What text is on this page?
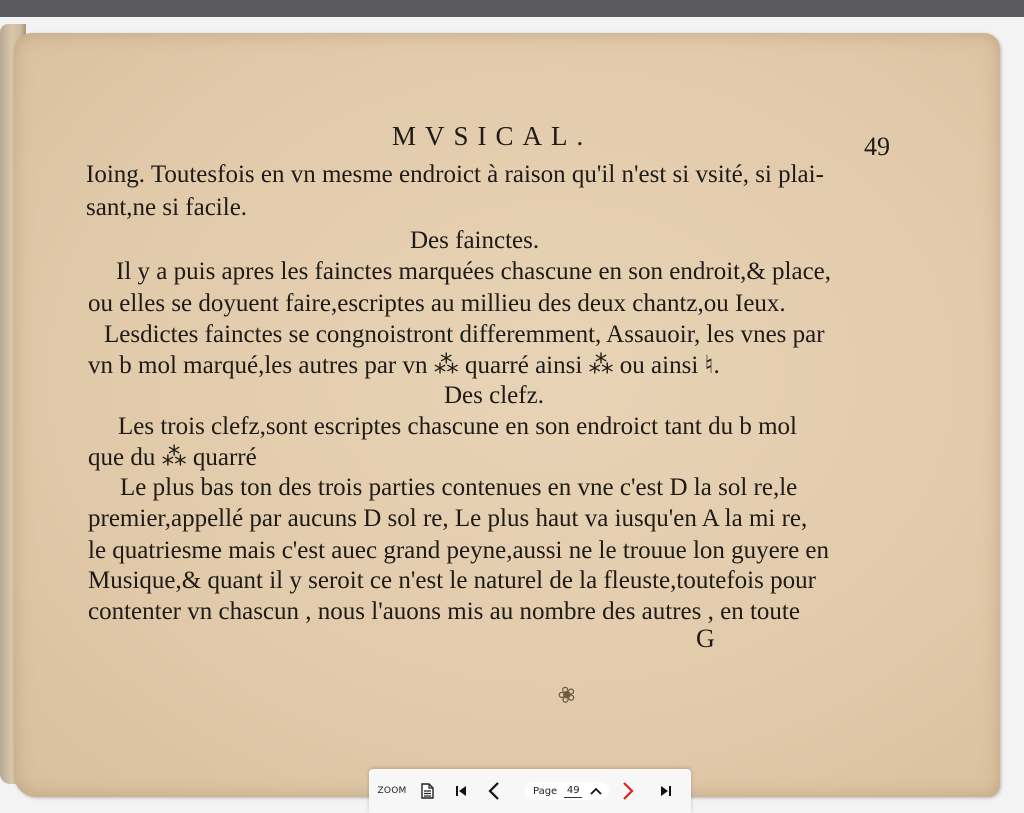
MVSICAL.	49
Ioing. Toutesfois en vn mesme endroict à raison qu'il n'est si vsité, si plai-
sant,ne si facile.
Des fainctes.
Il y a puis apres les fainctes marquées chascune en son endroit,& place,
ou elles se doyuent faire,escriptes au millieu des deux chantz,ou Ieux.
Lesdictes fainctes se congnoistront differemment, Assauoir, les vnes par
vn b mol marqué,les autres par vn ⁂ quarré ainsi ⁂ ou ainsi ♮.
Des clefz.
Les trois clefz,sont escriptes chascune en son endroict tant du b mol
que du ⁂ quarré
Le plus bas ton des trois parties contenues en vne c'est D la sol re,le
premier,appellé par aucuns D sol re, Le plus haut va iusqu'en A la mi re,
le quatriesme mais c'est auec grand peyne,aussi ne le trouue lon guyere en
Musique,& quant il y seroit ce n'est le naturel de la fleuste,toutefois pour
contenter vn chascun , nous l'auons mis au nombre des autres , en toute
G
❀
ZOOM	Page
49
